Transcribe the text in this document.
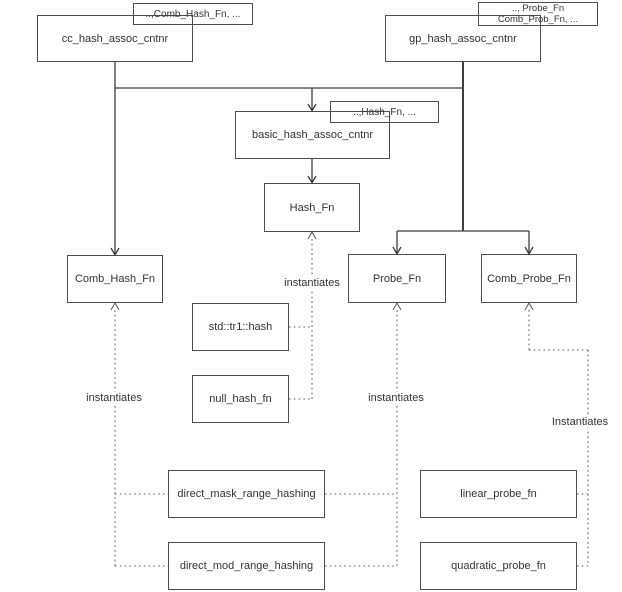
cc_hash_assoc_cntnr	gp_hash_assoc_cntnr
basic_hash_assoc_cntnr
Hash_Fn
Comb_Hash_Fn	Probe_Fn	Comb_Probe_Fn
std::tr1::hash
null_hash_fn
direct_mask_range_hashing
direct_mod_range_hashing
linear_probe_fn
quadratic_probe_fn
..,Comb_Hash_Fn, ...	.., Probe_Fn
Comb_Prob_Fn, ...
..,Hash_Fn, ...
instantiates
instantiates
instantiates
Instantiates
